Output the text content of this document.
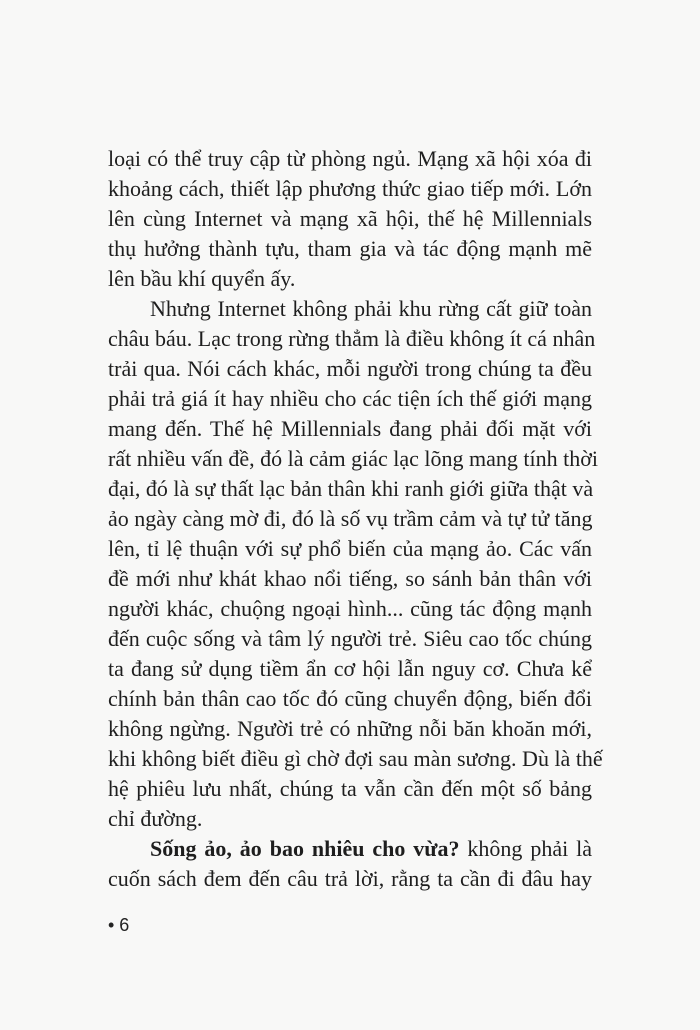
loại có thể truy cập từ phòng ngủ. Mạng xã hội xóa đi
khoảng cách, thiết lập phương thức giao tiếp mới. Lớn
lên cùng Internet và mạng xã hội, thế hệ Millennials
thụ hưởng thành tựu, tham gia và tác động mạnh mẽ
lên bầu khí quyển ấy.
Nhưng Internet không phải khu rừng cất giữ toàn
châu báu. Lạc trong rừng thẳm là điều không ít cá nhân
trải qua. Nói cách khác, mỗi người trong chúng ta đều
phải trả giá ít hay nhiều cho các tiện ích thế giới mạng
mang đến. Thế hệ Millennials đang phải đối mặt với
rất nhiều vấn đề, đó là cảm giác lạc lõng mang tính thời
đại, đó là sự thất lạc bản thân khi ranh giới giữa thật và
ảo ngày càng mờ đi, đó là số vụ trầm cảm và tự tử tăng
lên, tỉ lệ thuận với sự phổ biến của mạng ảo. Các vấn
đề mới như khát khao nổi tiếng, so sánh bản thân với
người khác, chuộng ngoại hình... cũng tác động mạnh
đến cuộc sống và tâm lý người trẻ. Siêu cao tốc chúng
ta đang sử dụng tiềm ẩn cơ hội lẫn nguy cơ. Chưa kể
chính bản thân cao tốc đó cũng chuyển động, biến đổi
không ngừng. Người trẻ có những nỗi băn khoăn mới,
khi không biết điều gì chờ đợi sau màn sương. Dù là thế
hệ phiêu lưu nhất, chúng ta vẫn cần đến một số bảng
chỉ đường.
Sống ảo, ảo bao nhiêu cho vừa? không phải là
cuốn sách đem đến câu trả lời, rằng ta cần đi đâu hay
• 6
